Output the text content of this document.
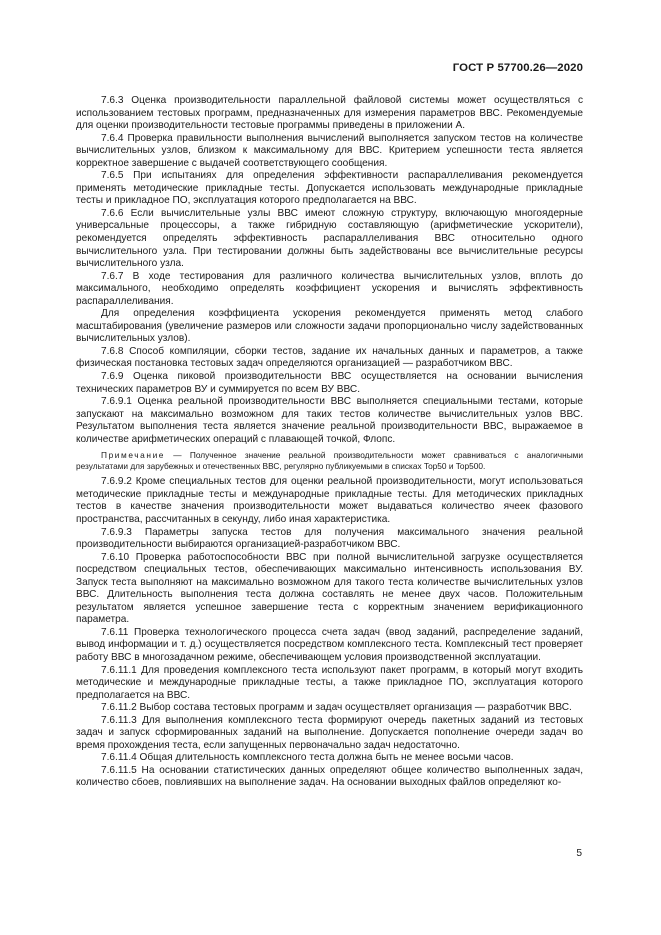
ГОСТ Р 57700.26—2020

7.6.3 Оценка производительности параллельной файловой системы может осуществляться с использованием тестовых программ, предназначенных для измерения параметров ВВС. Рекомендуемые для оценки производительности тестовые программы приведены в приложении А.

7.6.4 Проверка правильности выполнения вычислений выполняется запуском тестов на количестве вычислительных узлов, близком к максимальному для ВВС. Критерием успешности теста является корректное завершение с выдачей соответствующего сообщения.

7.6.5 При испытаниях для определения эффективности распараллеливания рекомендуется применять методические прикладные тесты. Допускается использовать международные прикладные тесты и прикладное ПО, эксплуатация которого предполагается на ВВС.

7.6.6 Если вычислительные узлы ВВС имеют сложную структуру, включающую многоядерные универсальные процессоры, а также гибридную составляющую (арифметические ускорители), рекомендуется определять эффективность распараллеливания ВВС относительно одного вычислительного узла. При тестировании должны быть задействованы все вычислительные ресурсы вычислительного узла.

7.6.7 В ходе тестирования для различного количества вычислительных узлов, вплоть до максимального, необходимо определять коэффициент ускорения и вычислять эффективность распараллеливания.

Для определения коэффициента ускорения рекомендуется применять метод слабого масштабирования (увеличение размеров или сложности задачи пропорционально числу задействованных вычислительных узлов).

7.6.8 Способ компиляции, сборки тестов, задание их начальных данных и параметров, а также физическая постановка тестовых задач определяются организацией — разработчиком ВВС.

7.6.9 Оценка пиковой производительности ВВС осуществляется на основании вычисления технических параметров ВУ и суммируется по всем ВУ ВВС.

7.6.9.1 Оценка реальной производительности ВВС выполняется специальными тестами, которые запускают на максимально возможном для таких тестов количестве вычислительных узлов ВВС. Результатом выполнения теста является значение реальной производительности ВВС, выражаемое в количестве арифметических операций с плавающей точкой, Флопс.

Примечание — Полученное значение реальной производительности может сравниваться с аналогичными результатами для зарубежных и отечественных ВВС, регулярно публикуемыми в списках Top50 и Top500.

7.6.9.2 Кроме специальных тестов для оценки реальной производительности, могут использоваться методические прикладные тесты и международные прикладные тесты. Для методических прикладных тестов в качестве значения производительности может выдаваться количество ячеек фазового пространства, рассчитанных в секунду, либо иная характеристика.

7.6.9.3 Параметры запуска тестов для получения максимального значения реальной производительности выбираются организацией-разработчиком ВВС.

7.6.10 Проверка работоспособности ВВС при полной вычислительной загрузке осуществляется посредством специальных тестов, обеспечивающих максимально интенсивность использования ВУ. Запуск теста выполняют на максимально возможном для такого теста количестве вычислительных узлов ВВС. Длительность выполнения теста должна составлять не менее двух часов. Положительным результатом является успешное завершение теста с корректным значением верификационного параметра.

7.6.11 Проверка технологического процесса счета задач (ввод заданий, распределение заданий, вывод информации и т. д.) осуществляется посредством комплексного теста. Комплексный тест проверяет работу ВВС в многозадачном режиме, обеспечивающем условия производственной эксплуатации.

7.6.11.1 Для проведения комплексного теста используют пакет программ, в который могут входить методические и международные прикладные тесты, а также прикладное ПО, эксплуатация которого предполагается на ВВС.

7.6.11.2 Выбор состава тестовых программ и задач осуществляет организация — разработчик ВВС.

7.6.11.3 Для выполнения комплексного теста формируют очередь пакетных заданий из тестовых задач и запуск сформированных заданий на выполнение. Допускается пополнение очереди задач во время прохождения теста, если запущенных первоначально задач недостаточно.

7.6.11.4 Общая длительность комплексного теста должна быть не менее восьми часов.

7.6.11.5 На основании статистических данных определяют общее количество выполненных задач, количество сбоев, повлиявших на выполнение задач. На основании выходных файлов определяют ко-

5
